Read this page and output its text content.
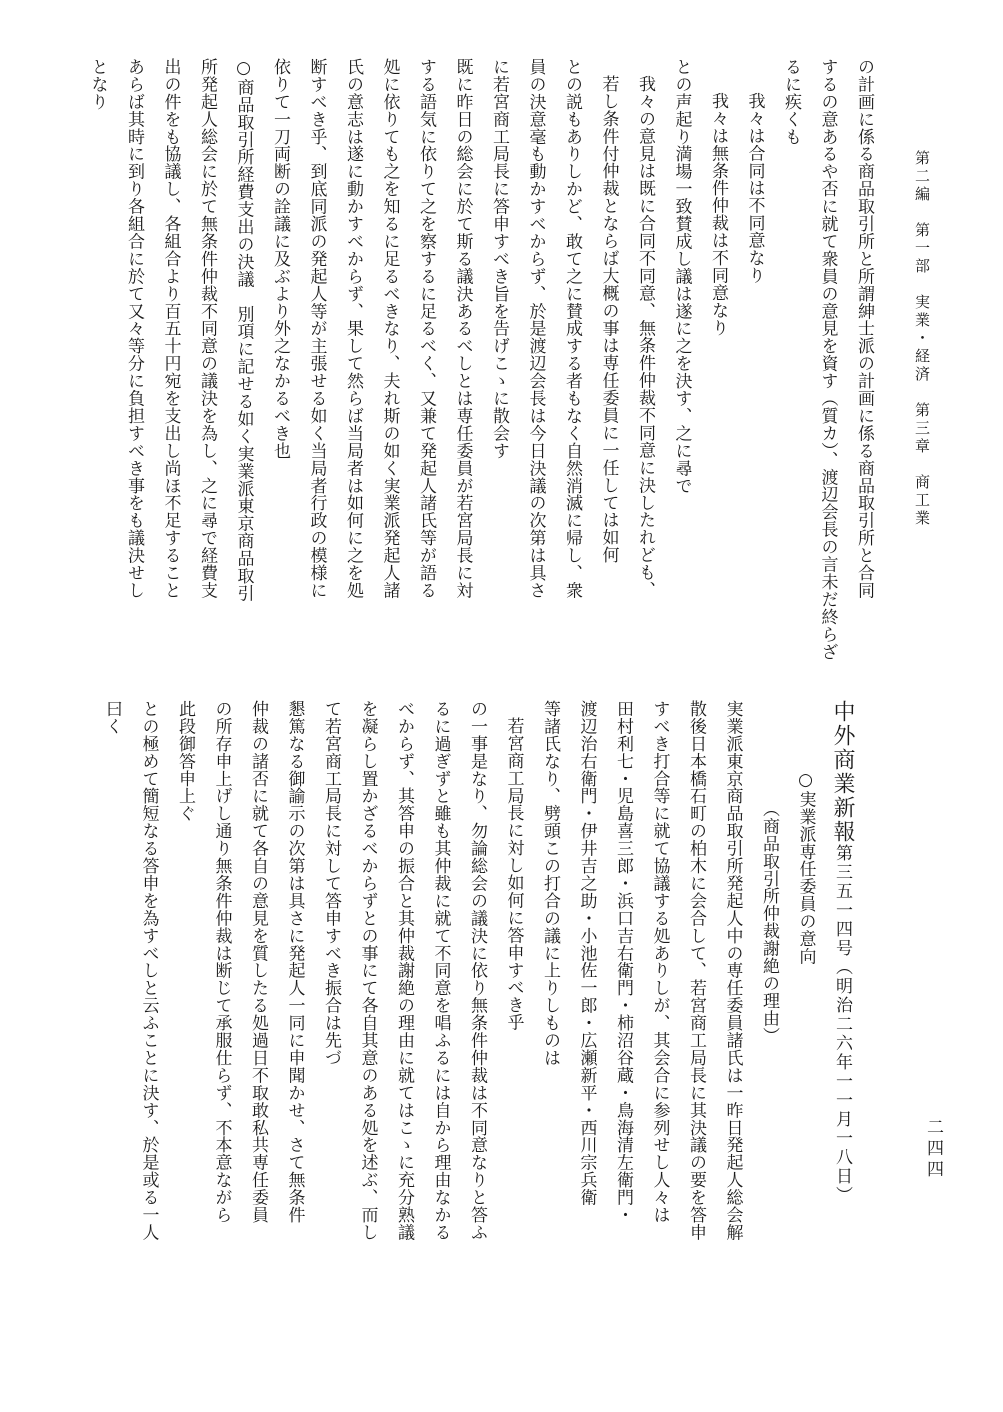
第二編　第一部　実業・経済　第三章　商工業
二四四
の計画に係る商品取引所と所謂紳士派の計画に係る商品取引所と合同
するの意あるや否に就て衆員の意見を資す（質カ）、渡辺会長の言未だ終らざ
るに疾くも
我々は合同は不同意なり
我々は無条件仲裁は不同意なり
との声起り満場一致賛成し議は遂に之を決す、之に尋で
我々の意見は既に合同不同意、無条件仲裁不同意に決したれども、
若し条件付仲裁とならば大概の事は専任委員に一任しては如何
との説もありしかど、敢て之に賛成する者もなく自然消滅に帰し、衆
員の決意毫も動かすべからず、於是渡辺会長は今日決議の次第は具さ
に若宮商工局長に答申すべき旨を告げこゝに散会す
既に昨日の総会に於て斯る議決あるべしとは専任委員が若宮局長に対
する語気に依りて之を察するに足るべく、又兼て発起人諸氏等が語る
処に依りても之を知るに足るべきなり、夫れ斯の如く実業派発起人諸
氏の意志は遂に動かすべからず、果して然らば当局者は如何に之を処
断すべき乎、到底同派の発起人等が主張せる如く当局者行政の模様に
依りて一刀両断の詮議に及ぶより外之なかるべき也
○商品取引所経費支出の決議　別項に記せる如く実業派東京商品取引
所発起人総会に於て無条件仲裁不同意の議決を為し、之に尋で経費支
出の件をも協議し、各組合より百五十円宛を支出し尚ほ不足すること
あらば其時に到り各組合に於て又々等分に負担すべき事をも議決せし
となり
中外商業新報第三五一四号（明治二六年一一月一八日）
○実業派専任委員の意向
（商品取引所仲裁謝絶の理由）
実業派東京商品取引所発起人中の専任委員諸氏は一昨日発起人総会解
散後日本橋石町の柏木に会合して、若宮商工局長に其決議の要を答申
すべき打合等に就て協議する処ありしが、其会合に参列せし人々は
田村利七・児島喜三郎・浜口吉右衛門・柿沼谷蔵・鳥海清左衛門・
渡辺治右衛門・伊井吉之助・小池佐一郎・広瀬新平・西川宗兵衛
等諸氏なり、劈頭この打合の議に上りしものは
若宮商工局長に対し如何に答申すべき乎
の一事是なり、勿論総会の議決に依り無条件仲裁は不同意なりと答ふ
るに過ぎずと雖も其仲裁に就て不同意を唱ふるには自から理由なかる
べからず、其答申の振合と其仲裁謝絶の理由に就てはこゝに充分熟議
を凝らし置かざるべからずとの事にて各自其意のある処を述ぶ、而し
て若宮商工局長に対して答申すべき振合は先づ
懇篤なる御諭示の次第は具さに発起人一同に申聞かせ、さて無条件
仲裁の諸否に就て各自の意見を質したる処過日不取敢私共専任委員
の所存申上げし通り無条件仲裁は断じて承服仕らず、不本意ながら
此段御答申上ぐ
との極めて簡短なる答申を為すべしと云ふことに決す、於是或る一人
曰く
